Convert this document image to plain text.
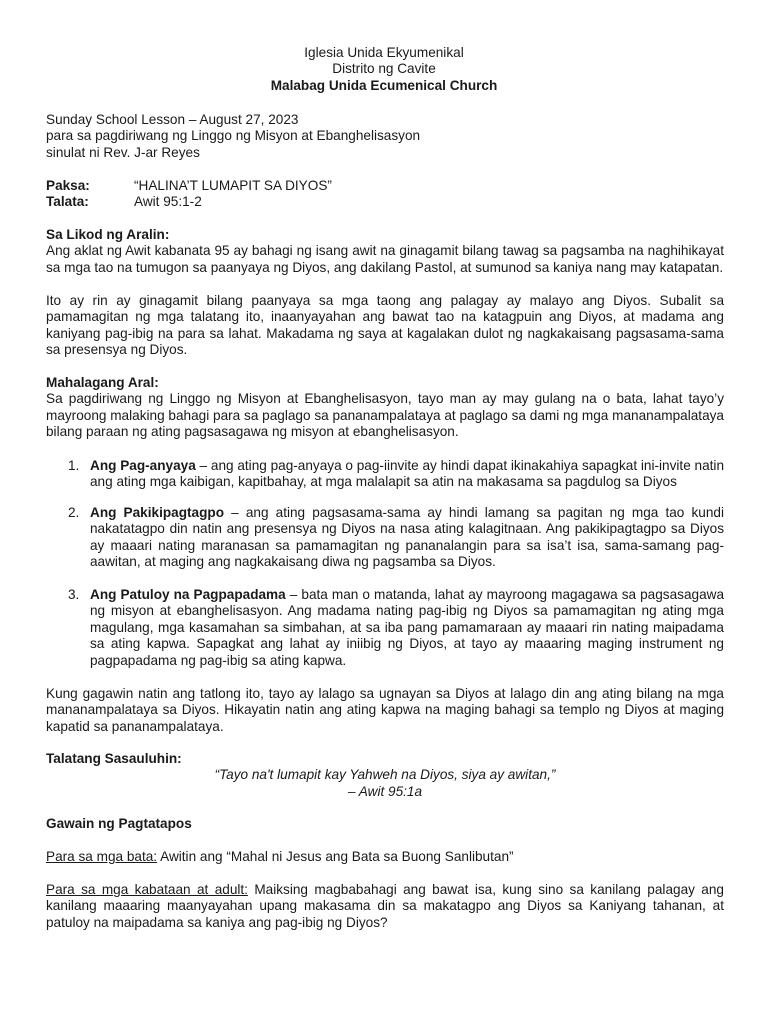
Iglesia Unida Ekyumenikal
Distrito ng Cavite
Malabag Unida Ecumenical Church
Sunday School Lesson – August 27, 2023
para sa pagdiriwang ng Linggo ng Misyon at Ebanghelisasyon
sinulat ni Rev. J-ar Reyes
Paksa:	“HALINA’T LUMAPIT SA DIYOS”
Talata:	Awit 95:1-2
Sa Likod ng Aralin:
Ang aklat ng Awit kabanata 95 ay bahagi ng isang awit na ginagamit bilang tawag sa pagsamba na naghihikayat sa mga tao na tumugon sa paanyaya ng Diyos, ang dakilang Pastol, at sumunod sa kaniya nang may katapatan.
Ito ay rin ay ginagamit bilang paanyaya sa mga taong ang palagay ay malayo ang Diyos. Subalit sa pamamagitan ng mga talatang ito, inaanyayahan ang bawat tao na katagpuin ang Diyos, at madama ang kaniyang pag-ibig na para sa lahat. Makadama ng saya at kagalakan dulot ng nagkakaisang pagsasama-sama sa presensya ng Diyos.
Mahalagang Aral:
Sa pagdiriwang ng Linggo ng Misyon at Ebanghelisasyon, tayo man ay may gulang na o bata, lahat tayo’y mayroong malaking bahagi para sa paglago sa pananampalataya at paglago sa dami ng mga mananampalataya bilang paraan ng ating pagsasagawa ng misyon at ebanghelisasyon.
1. Ang Pag-anyaya – ang ating pag-anyaya o pag-iinvite ay hindi dapat ikinakahiya sapagkat ini-invite natin ang ating mga kaibigan, kapitbahay, at mga malalapit sa atin na makasama sa pagdulog sa Diyos
2. Ang Pakikipagtagpo – ang ating pagsasama-sama ay hindi lamang sa pagitan ng mga tao kundi nakatatagpo din natin ang presensya ng Diyos na nasa ating kalagitnaan. Ang pakikipagtagpo sa Diyos ay maaari nating maranasan sa pamamagitan ng pananalangin para sa isa’t isa, sama-samang pag-aawitan, at maging ang nagkakaisang diwa ng pagsamba sa Diyos.
3. Ang Patuloy na Pagpapadama – bata man o matanda, lahat ay mayroong magagawa sa pagsasagawa ng misyon at ebanghelisasyon. Ang madama nating pag-ibig ng Diyos sa pamamagitan ng ating mga magulang, mga kasamahan sa simbahan, at sa iba pang pamamaraan ay maaari rin nating maipadama sa ating kapwa. Sapagkat ang lahat ay iniibig ng Diyos, at tayo ay maaaring maging instrument ng pagpapadama ng pag-ibig sa ating kapwa.
Kung gagawin natin ang tatlong ito, tayo ay lalago sa ugnayan sa Diyos at lalago din ang ating bilang na mga mananampalataya sa Diyos. Hikayatin natin ang ating kapwa na maging bahagi sa templo ng Diyos at maging kapatid sa pananampalataya.
Talatang Sasauluhin:
“Tayo na't lumapit kay Yahweh na Diyos, siya ay awitan,”
– Awit 95:1a
Gawain ng Pagtatapos
Para sa mga bata: Awitin ang “Mahal ni Jesus ang Bata sa Buong Sanlibutan”
Para sa mga kabataan at adult: Maiksing magbabahagi ang bawat isa, kung sino sa kanilang palagay ang kanilang maaaring maanyayahan upang makasama din sa makatagpo ang Diyos sa Kaniyang tahanan, at patuloy na maipadama sa kaniya ang pag-ibig ng Diyos?
